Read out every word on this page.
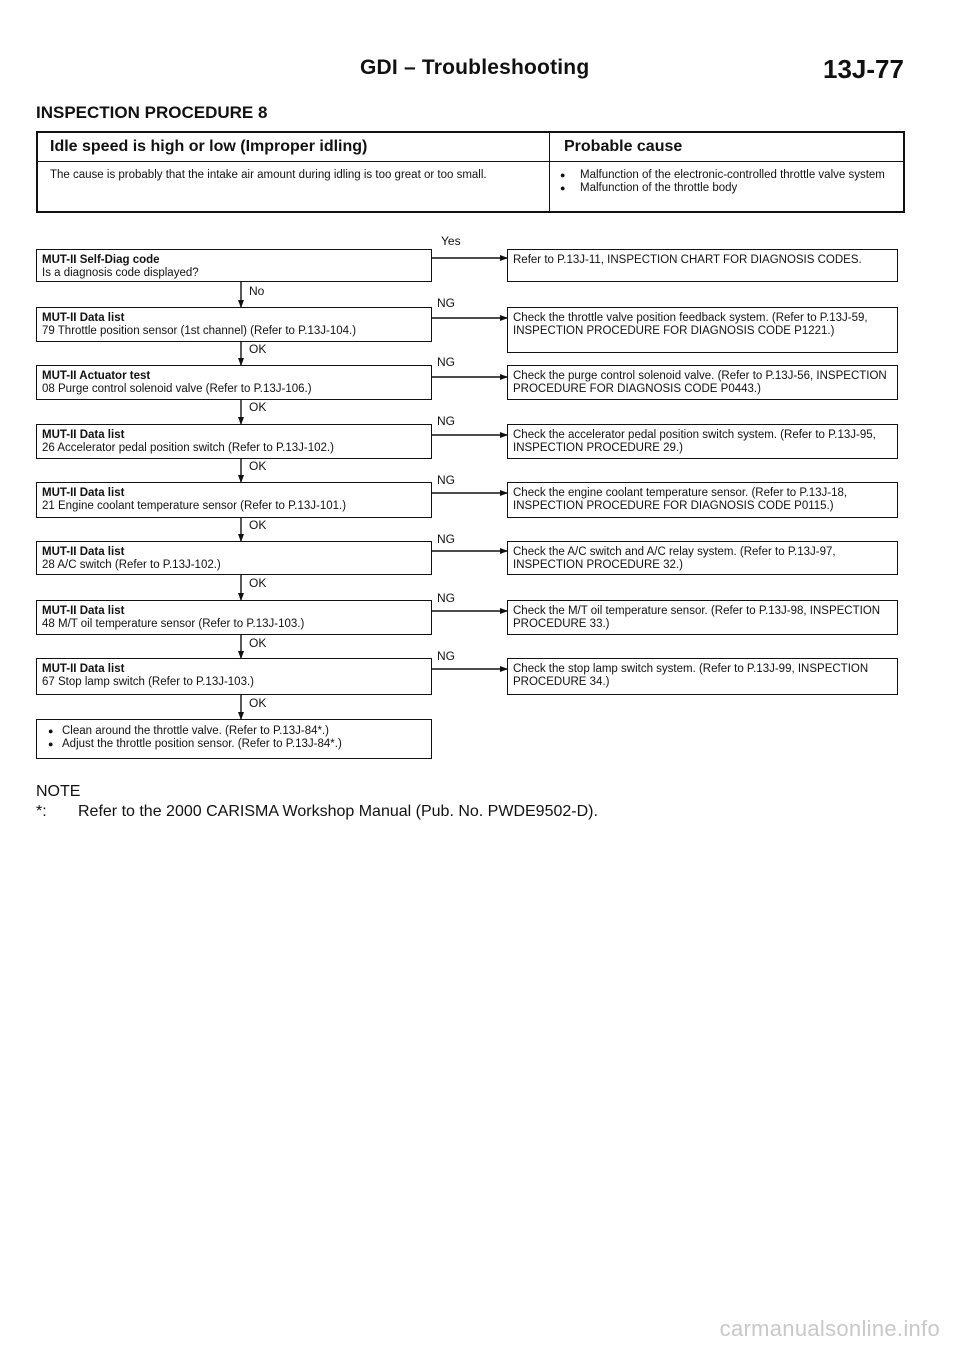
GDI – Troubleshooting	13J-77
INSPECTION PROCEDURE 8
Idle speed is high or low (Improper idling)	Probable cause
The cause is probably that the intake air amount during idling is too great or too small.
●	Malfunction of the electronic-controlled throttle valve system
● Malfunction of the throttle body
MUT-II Self-Diag code
Is a diagnosis code displayed?
Yes
Refer to P.13J-11, INSPECTION CHART FOR DIAGNOSIS CODES.
No
MUT-II Data list
79 Throttle position sensor (1st channel) (Refer to P.13J-104.)
NG
Check the throttle valve position feedback system. (Refer to P.13J-59, INSPECTION PROCEDURE FOR DIAGNOSIS CODE P1221.)
OK
MUT-II Actuator test
08 Purge control solenoid valve (Refer to P.13J-106.)
NG
Check the purge control solenoid valve. (Refer to P.13J-56, INSPECTION PROCEDURE FOR DIAGNOSIS CODE P0443.)
OK
MUT-II Data list
26 Accelerator pedal position switch (Refer to P.13J-102.)
NG
Check the accelerator pedal position switch system. (Refer to P.13J-95, INSPECTION PROCEDURE 29.)
OK
MUT-II Data list
21 Engine coolant temperature sensor (Refer to P.13J-101.)
NG
Check the engine coolant temperature sensor. (Refer to P.13J-18, INSPECTION PROCEDURE FOR DIAGNOSIS CODE P0115.)
OK
MUT-II Data list
28 A/C switch (Refer to P.13J-102.)
NG
Check the A/C switch and A/C relay system. (Refer to P.13J-97, INSPECTION PROCEDURE 32.)
OK
MUT-II Data list
48 M/T oil temperature sensor (Refer to P.13J-103.)
NG
Check the M/T oil temperature sensor. (Refer to P.13J-98, INSPECTION PROCEDURE 33.)
OK
MUT-II Data list
67 Stop lamp switch (Refer to P.13J-103.)
NG
Check the stop lamp switch system. (Refer to P.13J-99, INSPECTION PROCEDURE 34.)
OK
● Clean around the throttle valve. (Refer to P.13J-84*.)
● Adjust the throttle position sensor. (Refer to P.13J-84*.)
NOTE
*: Refer to the 2000 CARISMA Workshop Manual (Pub. No. PWDE9502-D).
carmanualsonline.info
